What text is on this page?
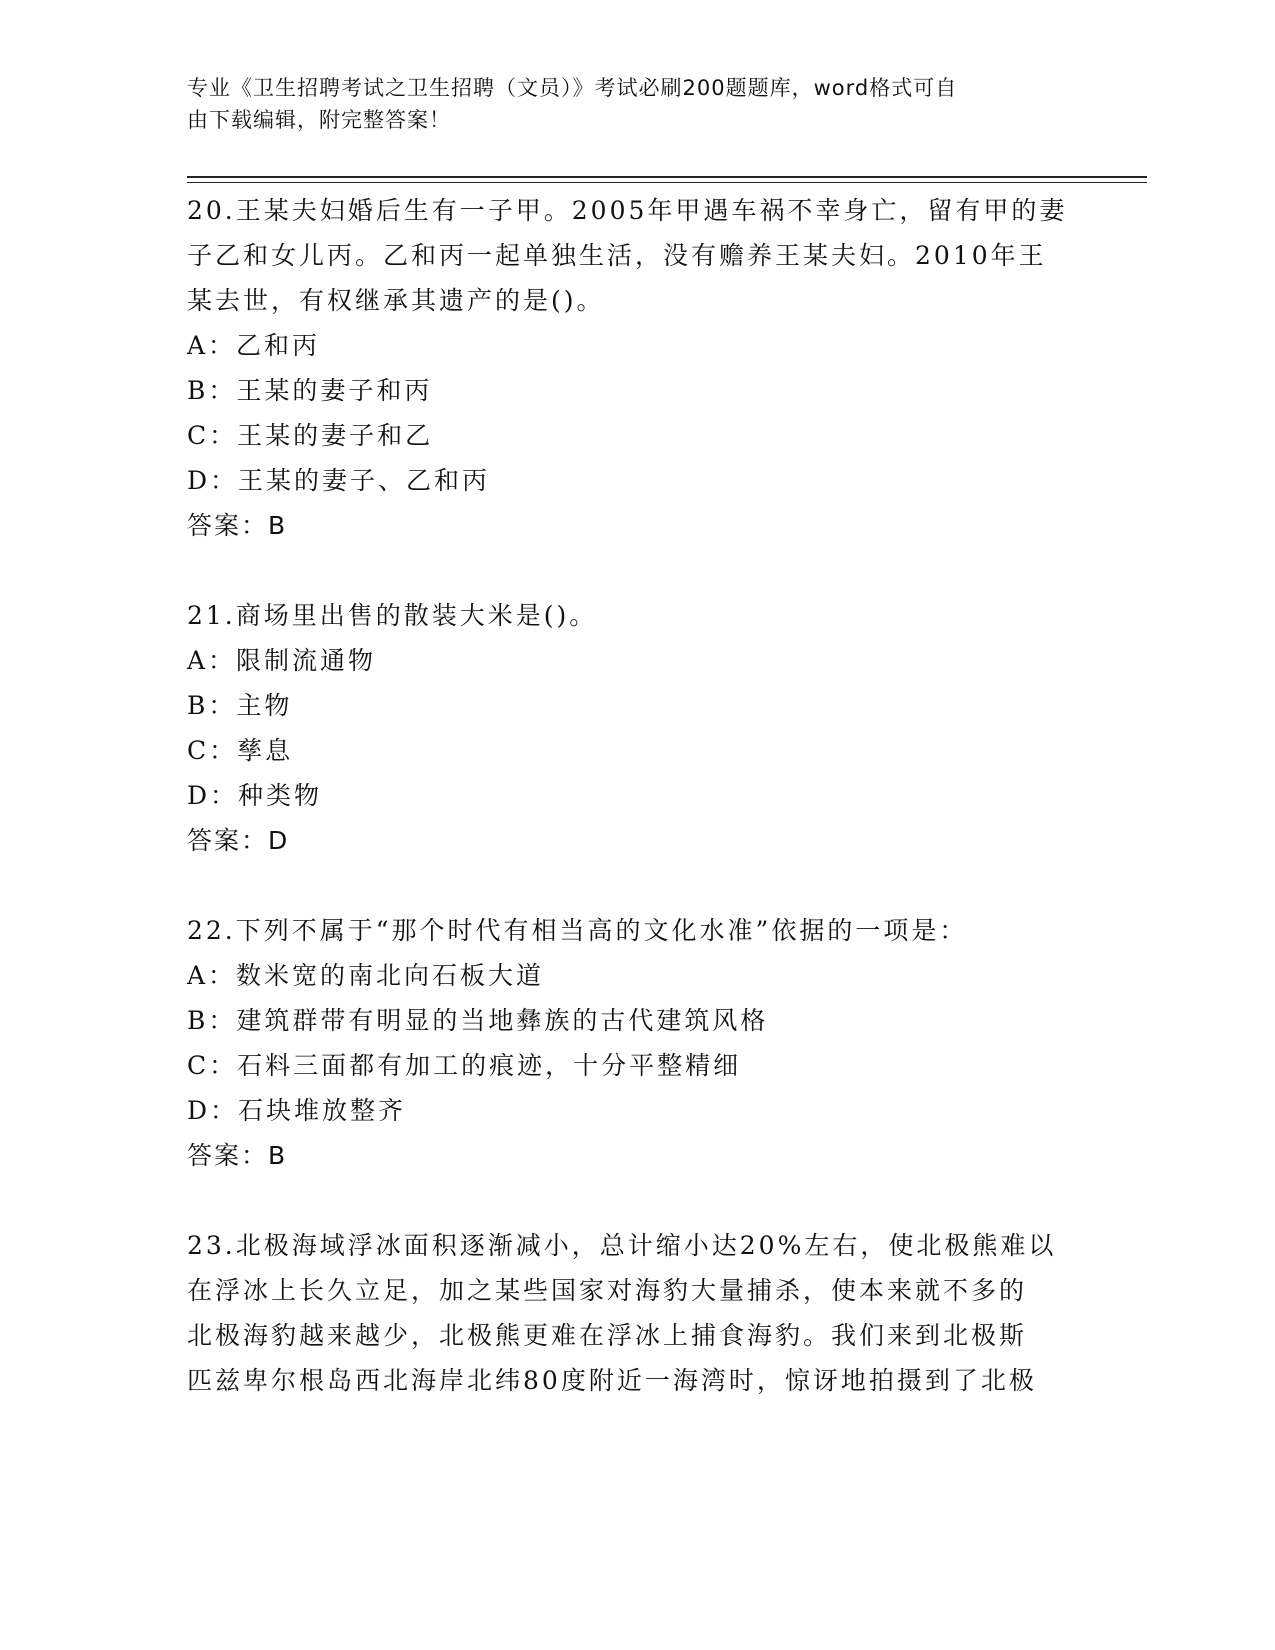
专业《卫生招聘考试之卫生招聘（文员）》考试必刷200题题库，word格式可自
由下载编辑，附完整答案！
20.王某夫妇婚后生有一子甲。2005年甲遇车祸不幸身亡，留有甲的妻
子乙和女儿丙。乙和丙一起单独生活，没有赡养王某夫妇。2010年王
某去世，有权继承其遗产的是()。
A：乙和丙
B：王某的妻子和丙
C：王某的妻子和乙
D：王某的妻子、乙和丙
答案：B
21.商场里出售的散装大米是()。
A：限制流通物
B：主物
C：孳息
D：种类物
答案：D
22.下列不属于“那个时代有相当高的文化水准”依据的一项是：
A：数米宽的南北向石板大道
B：建筑群带有明显的当地彝族的古代建筑风格
C：石料三面都有加工的痕迹，十分平整精细
D：石块堆放整齐
答案：B
23.北极海域浮冰面积逐渐减小，总计缩小达20%左右，使北极熊难以
在浮冰上长久立足，加之某些国家对海豹大量捕杀，使本来就不多的
北极海豹越来越少，北极熊更难在浮冰上捕食海豹。我们来到北极斯
匹兹卑尔根岛西北海岸北纬80度附近一海湾时，惊讶地拍摄到了北极
